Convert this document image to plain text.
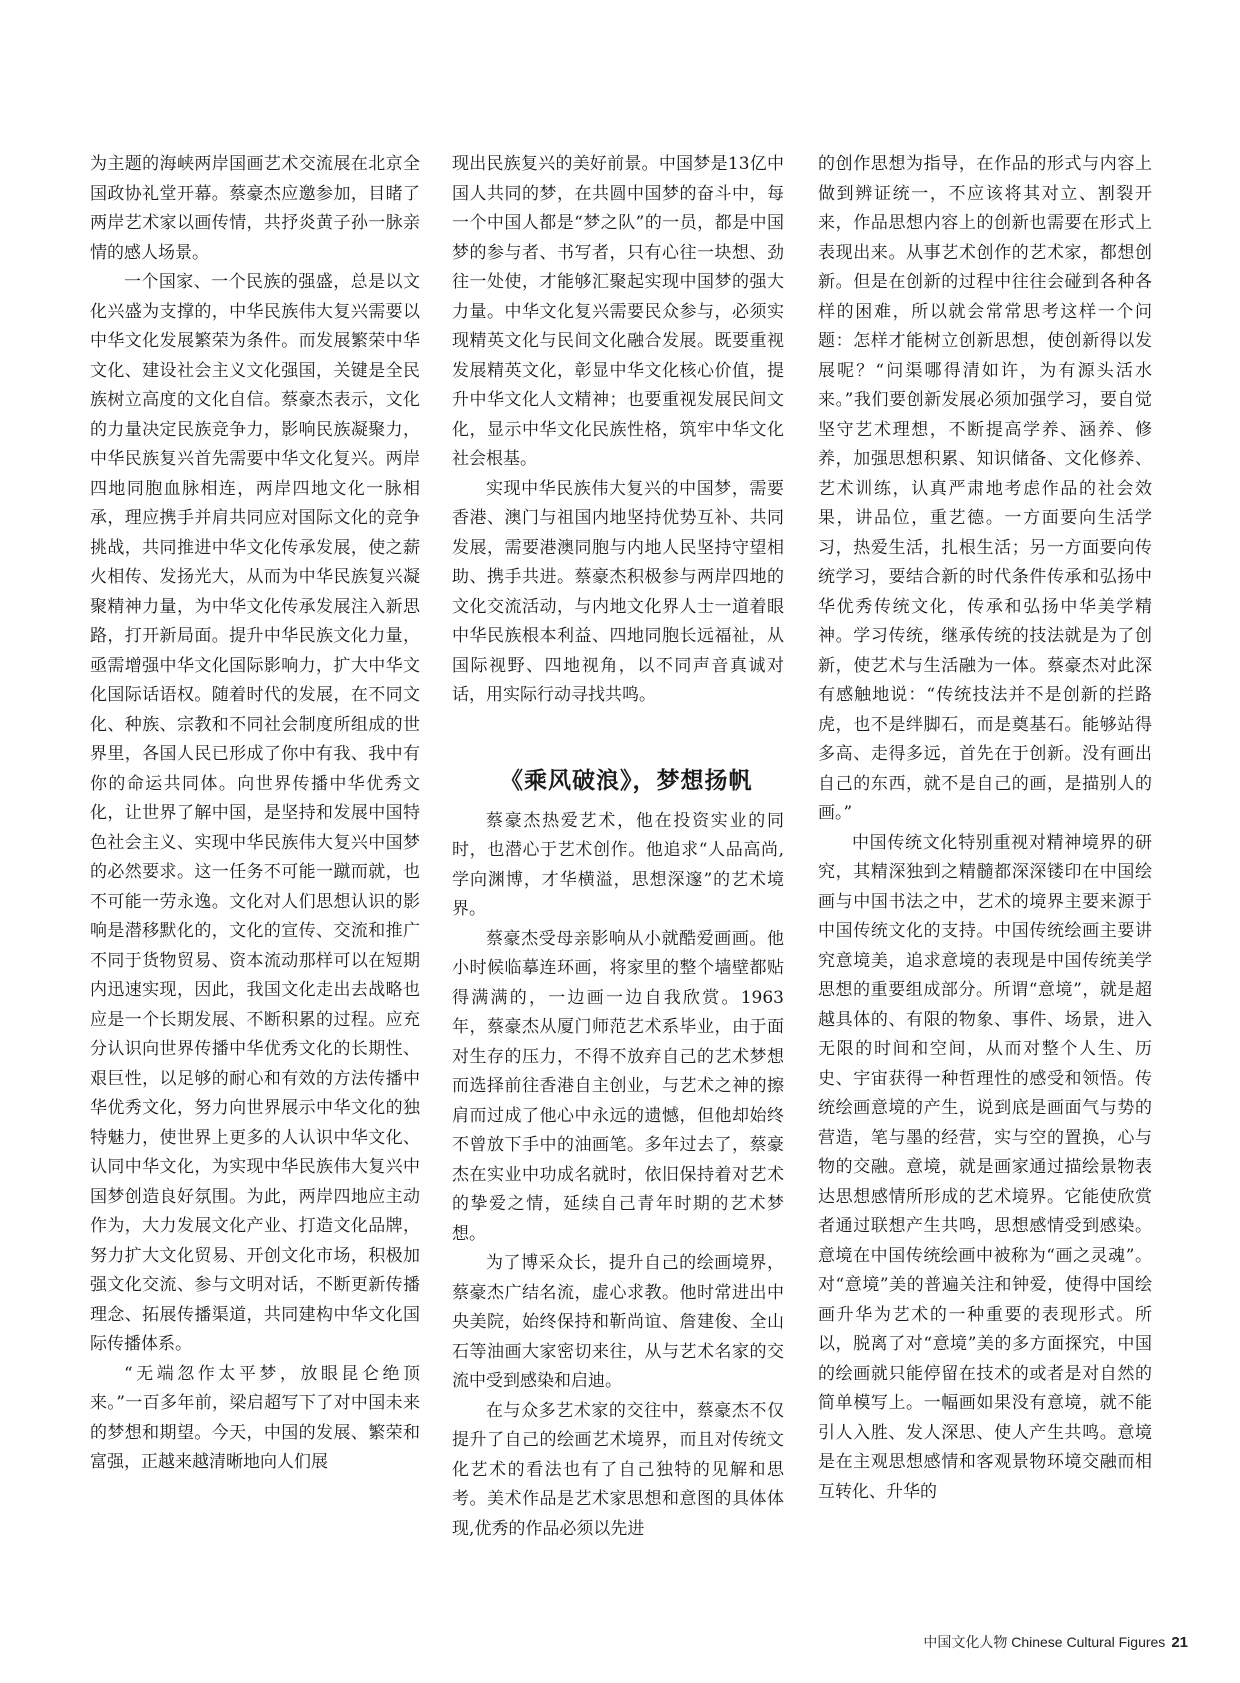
为主题的海峡两岸国画艺术交流展在北京全国政协礼堂开幕。蔡豪杰应邀参加，目睹了两岸艺术家以画传情，共抒炎黄子孙一脉亲情的感人场景。

一个国家、一个民族的强盛，总是以文化兴盛为支撑的，中华民族伟大复兴需要以中华文化发展繁荣为条件。而发展繁荣中华文化、建设社会主义文化强国，关键是全民族树立高度的文化自信。蔡豪杰表示，文化的力量决定民族竞争力，影响民族凝聚力，中华民族复兴首先需要中华文化复兴。两岸四地同胞血脉相连，两岸四地文化一脉相承，理应携手并肩共同应对国际文化的竞争挑战，共同推进中华文化传承发展，使之薪火相传、发扬光大，从而为中华民族复兴凝聚精神力量，为中华文化传承发展注入新思路，打开新局面。提升中华民族文化力量，亟需增强中华文化国际影响力，扩大中华文化国际话语权。随着时代的发展，在不同文化、种族、宗教和不同社会制度所组成的世界里，各国人民已形成了你中有我、我中有你的命运共同体。向世界传播中华优秀文化，让世界了解中国，是坚持和发展中国特色社会主义、实现中华民族伟大复兴中国梦的必然要求。这一任务不可能一蹴而就，也不可能一劳永逸。文化对人们思想认识的影响是潜移默化的，文化的宣传、交流和推广不同于货物贸易、资本流动那样可以在短期内迅速实现，因此，我国文化走出去战略也应是一个长期发展、不断积累的过程。应充分认识向世界传播中华优秀文化的长期性、艰巨性，以足够的耐心和有效的方法传播中华优秀文化，努力向世界展示中华文化的独特魅力，使世界上更多的人认识中华文化、认同中华文化，为实现中华民族伟大复兴中国梦创造良好氛围。为此，两岸四地应主动作为，大力发展文化产业、打造文化品牌，努力扩大文化贸易、开创文化市场，积极加强文化交流、参与文明对话，不断更新传播理念、拓展传播渠道，共同建构中华文化国际传播体系。

“无端忽作太平梦，放眼昆仑绝顶来。”一百多年前，梁启超写下了对中国未来的梦想和期望。今天，中国的发展、繁荣和富强，正越来越清晰地向人们展

现出民族复兴的美好前景。中国梦是13亿中国人共同的梦，在共圆中国梦的奋斗中，每一个中国人都是“梦之队”的一员，都是中国梦的参与者、书写者，只有心往一块想、劲往一处使，才能够汇聚起实现中国梦的强大力量。中华文化复兴需要民众参与，必须实现精英文化与民间文化融合发展。既要重视发展精英文化，彰显中华文化核心价值，提升中华文化人文精神；也要重视发展民间文化，显示中华文化民族性格，筑牢中华文化社会根基。

实现中华民族伟大复兴的中国梦，需要香港、澳门与祖国内地坚持优势互补、共同发展，需要港澳同胞与内地人民坚持守望相助、携手共进。蔡豪杰积极参与两岸四地的文化交流活动，与内地文化界人士一道着眼中华民族根本利益、四地同胞长远福祉，从国际视野、四地视角，以不同声音真诚对话，用实际行动寻找共鸣。

《乘风破浪》，梦想扬帆

蔡豪杰热爱艺术，他在投资实业的同时，也潜心于艺术创作。他追求“人品高尚,学向渊博，才华横溢，思想深邃”的艺术境界。

蔡豪杰受母亲影响从小就酷爱画画。他小时候临摹连环画，将家里的整个墙壁都贴得满满的，一边画一边自我欣赏。1963年，蔡豪杰从厦门师范艺术系毕业，由于面对生存的压力，不得不放弃自己的艺术梦想而选择前往香港自主创业，与艺术之神的擦肩而过成了他心中永远的遗憾，但他却始终不曾放下手中的油画笔。多年过去了，蔡豪杰在实业中功成名就时，依旧保持着对艺术的挚爱之情，延续自己青年时期的艺术梦想。

为了博采众长，提升自己的绘画境界，蔡豪杰广结名流，虚心求教。他时常进出中央美院，始终保持和靳尚谊、詹建俊、全山石等油画大家密切来往，从与艺术名家的交流中受到感染和启迪。

在与众多艺术家的交往中，蔡豪杰不仅提升了自己的绘画艺术境界，而且对传统文化艺术的看法也有了自己独特的见解和思考。美术作品是艺术家思想和意图的具体体现,优秀的作品必须以先进

的创作思想为指导，在作品的形式与内容上做到辨证统一，不应该将其对立、割裂开来，作品思想内容上的创新也需要在形式上表现出来。从事艺术创作的艺术家，都想创新。但是在创新的过程中往往会碰到各种各样的困难，所以就会常常思考这样一个问题：怎样才能树立创新思想，使创新得以发展呢？“问渠哪得清如许，为有源头活水来。”我们要创新发展必须加强学习，要自觉坚守艺术理想，不断提高学养、涵养、修养，加强思想积累、知识储备、文化修养、艺术训练，认真严肃地考虑作品的社会效果，讲品位，重艺德。一方面要向生活学习，热爱生活，扎根生活；另一方面要向传统学习，要结合新的时代条件传承和弘扬中华优秀传统文化，传承和弘扬中华美学精神。学习传统，继承传统的技法就是为了创新，使艺术与生活融为一体。蔡豪杰对此深有感触地说：“传统技法并不是创新的拦路虎，也不是绊脚石，而是奠基石。能够站得多高、走得多远，首先在于创新。没有画出自己的东西，就不是自己的画，是描别人的画。”

中国传统文化特别重视对精神境界的研究，其精深独到之精髓都深深镂印在中国绘画与中国书法之中，艺术的境界主要来源于中国传统文化的支持。中国传统绘画主要讲究意境美，追求意境的表现是中国传统美学思想的重要组成部分。所谓“意境”，就是超越具体的、有限的物象、事件、场景，进入无限的时间和空间，从而对整个人生、历史、宇宙获得一种哲理性的感受和领悟。传统绘画意境的产生，说到底是画面气与势的营造，笔与墨的经营，实与空的置换，心与物的交融。意境，就是画家通过描绘景物表达思想感情所形成的艺术境界。它能使欣赏者通过联想产生共鸣，思想感情受到感染。意境在中国传统绘画中被称为“画之灵魂”。对“意境”美的普遍关注和钟爱，使得中国绘画升华为艺术的一种重要的表现形式。所以，脱离了对“意境”美的多方面探究，中国的绘画就只能停留在技术的或者是对自然的简单模写上。一幅画如果没有意境，就不能引人入胜、发人深思、使人产生共鸣。意境是在主观思想感情和客观景物环境交融而相互转化、升华的

中国文化人物 Chinese Cultural Figures 21
